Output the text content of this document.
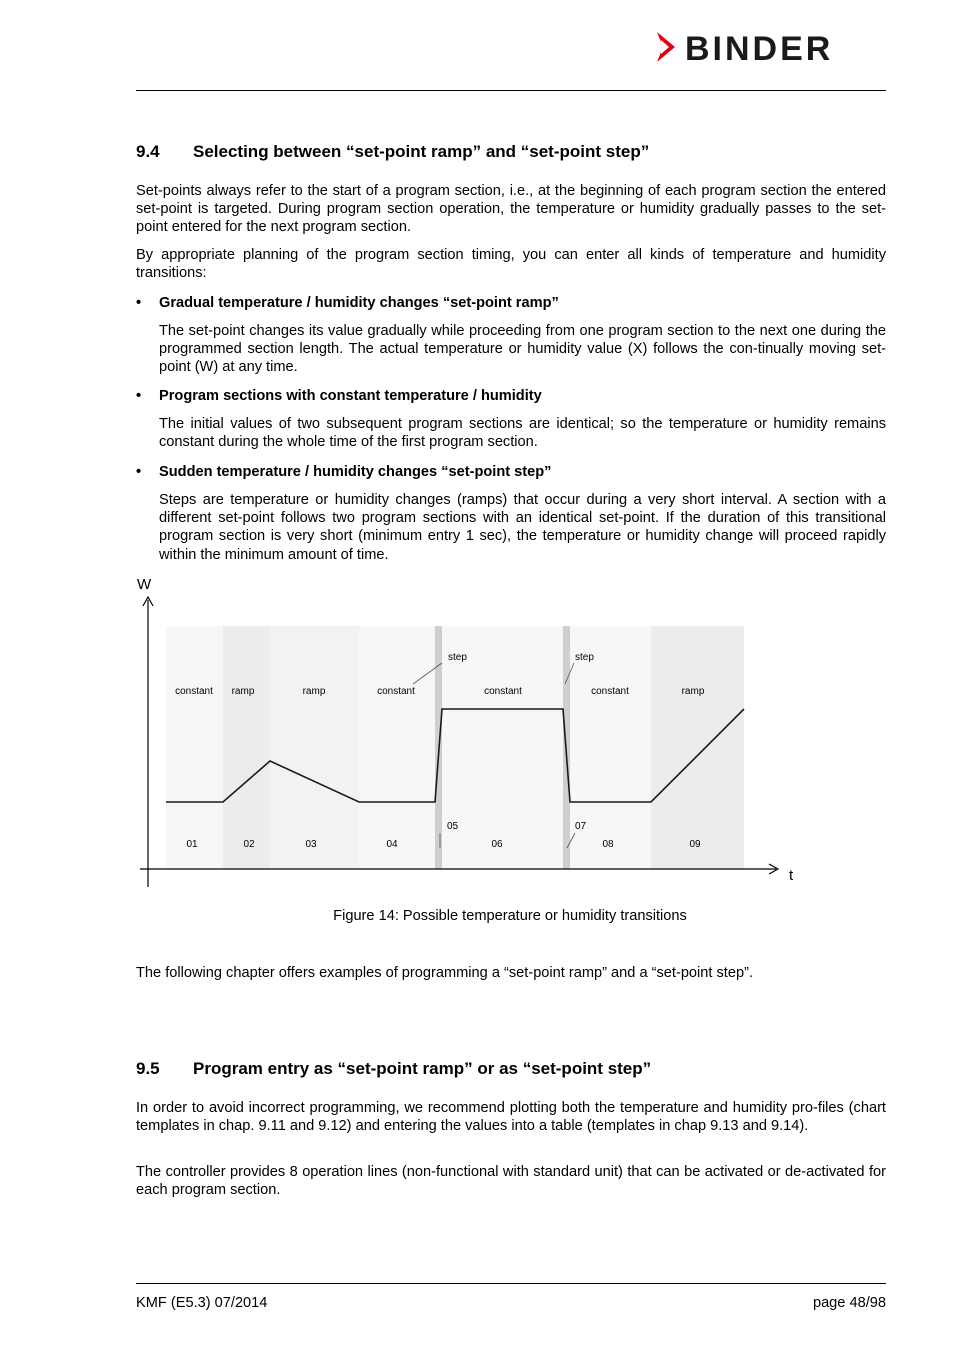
BINDER
9.4 Selecting between “set-point ramp” and “set-point step”
Set-points always refer to the start of a program section, i.e., at the beginning of each program section the entered set-point is targeted. During program section operation, the temperature or humidity gradually passes to the set-point entered for the next program section.
By appropriate planning of the program section timing, you can enter all kinds of temperature and humidity transitions:
• Gradual temperature / humidity changes “set-point ramp”
The set-point changes its value gradually while proceeding from one program section to the next one during the programmed section length. The actual temperature or humidity value (X) follows the con-tinually moving set-point (W) at any time.
• Program sections with constant temperature / humidity
The initial values of two subsequent program sections are identical; so the temperature or humidity remains constant during the whole time of the first program section.
• Sudden temperature / humidity changes “set-point step”
Steps are temperature or humidity changes (ramps) that occur during a very short interval. A section with a different set-point follows two program sections with an identical set-point. If the duration of this transitional program section is very short (minimum entry 1 sec), the temperature or humidity change will proceed rapidly within the minimum amount of time.
W
t
constant ramp	ramp	constant
step
constant
step
constant	ramp
01	02	03	04
05
06
07
08	09
Figure 14: Possible temperature or humidity transitions
The following chapter offers examples of programming a “set-point ramp” and a “set-point step”.
9.5 Program entry as “set-point ramp” or as “set-point step”
In order to avoid incorrect programming, we recommend plotting both the temperature and humidity pro-files (chart templates in chap. 9.11 and 9.12) and entering the values into a table (templates in chap 9.13 and 9.14).
The controller provides 8 operation lines (non-functional with standard unit) that can be activated or de-activated for each program section.
KMF (E5.3) 07/2014	page 48/98
